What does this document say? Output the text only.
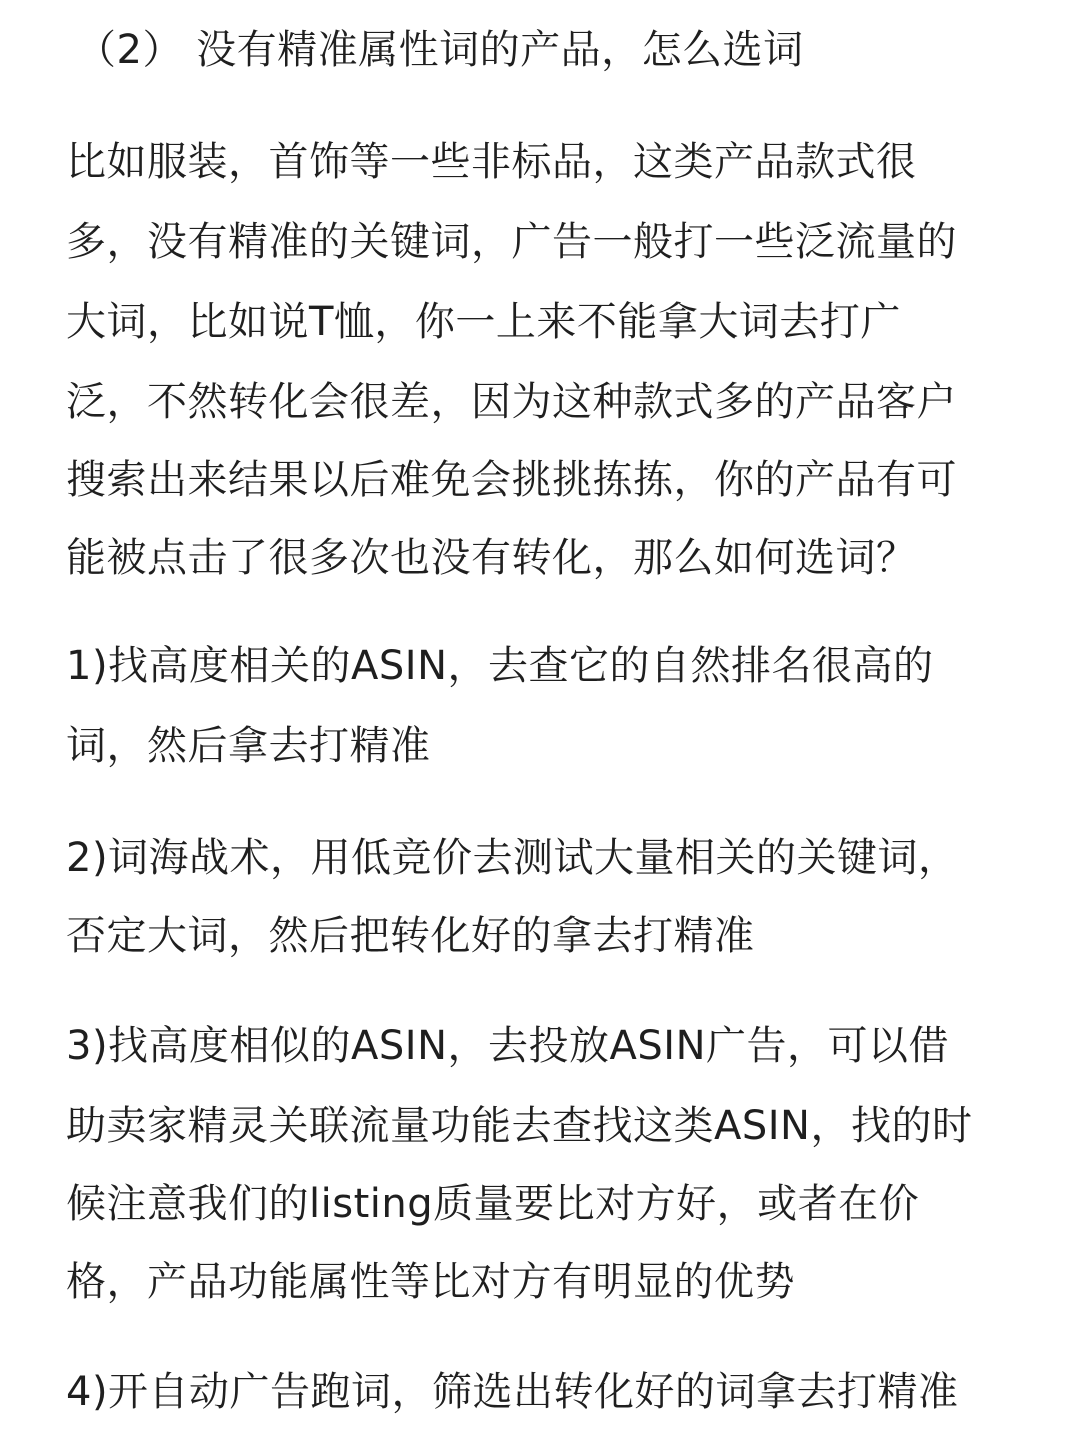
（2） 没有精准属性词的产品，怎么选词
比如服装，首饰等一些非标品，这类产品款式很
多，没有精准的关键词，广告一般打一些泛流量的
大词，比如说T恤，你一上来不能拿大词去打广
泛，不然转化会很差，因为这种款式多的产品客户
搜索出来结果以后难免会挑挑拣拣，你的产品有可
能被点击了很多次也没有转化，那么如何选词？
1)找高度相关的ASIN，去查它的自然排名很高的
词，然后拿去打精准
2)词海战术，用低竞价去测试大量相关的关键词，
否定大词，然后把转化好的拿去打精准
3)找高度相似的ASIN，去投放ASIN广告，可以借
助卖家精灵关联流量功能去查找这类ASIN，找的时
候注意我们的listing质量要比对方好，或者在价
格，产品功能属性等比对方有明显的优势
4)开自动广告跑词，筛选出转化好的词拿去打精准
